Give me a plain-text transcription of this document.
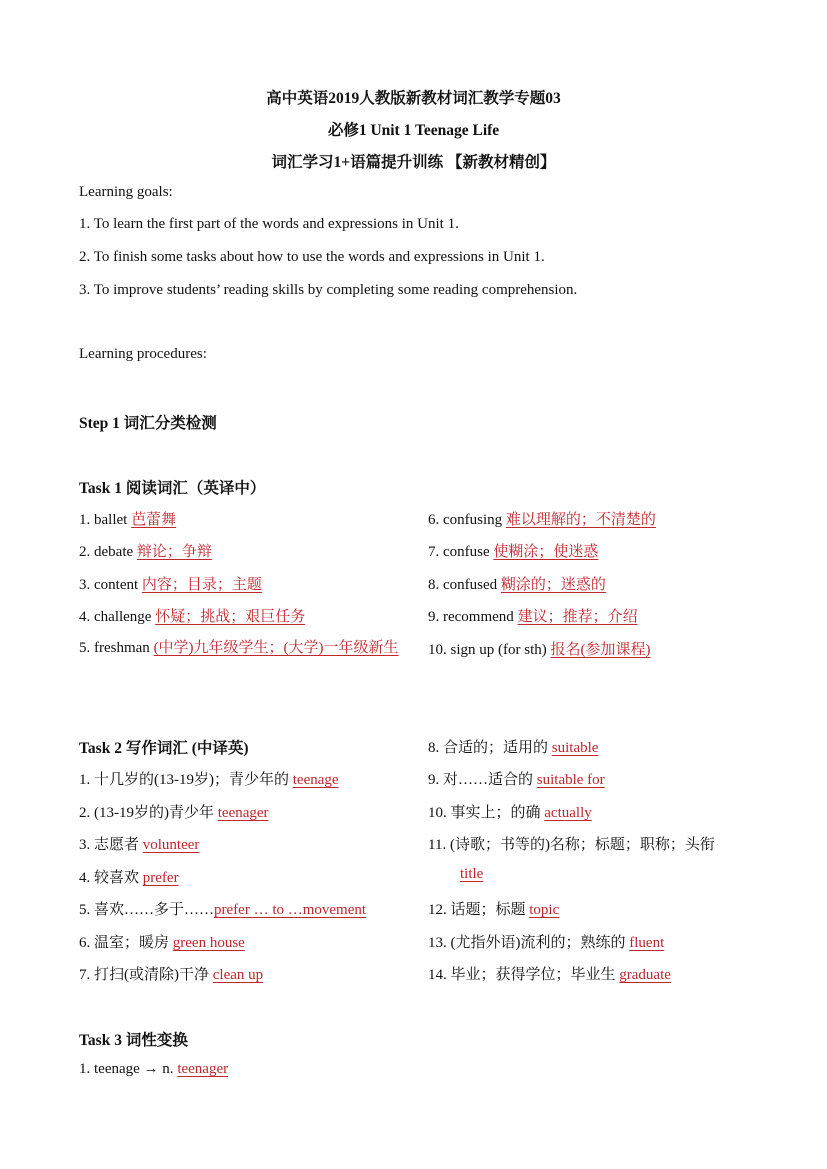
高中英语2019人教版新教材词汇教学专题03
必修1 Unit 1 Teenage Life
词汇学习1+语篇提升训练 【新教材精创】
Learning goals:
1. To learn the first part of the words and expressions in Unit 1.
2. To finish some tasks about how to use the words and expressions in Unit 1.
3. To improve students’ reading skills by completing some reading comprehension.
Learning procedures:
Step 1 词汇分类检测
Task 1 阅读词汇（英译中）
1. ballet 芭蕾舞
2. debate 辩论；争辩
3. content 内容；目录；主题
4. challenge 怀疑；挑战；艰巨任务
5. freshman (中学)九年级学生；(大学)一年级新生
6. confusing 难以理解的；不清楚的
7. confuse 使糊涂；使迷惑
8. confused 糊涂的；迷惑的
9. recommend 建议；推荐；介绍
10. sign up (for sth) 报名(参加课程)
Task 2 写作词汇 (中译英)
1. 十几岁的(13-19岁)；青少年的 teenage
2. (13-19岁的)青少年 teenager
3. 志愿者 volunteer
4. 较喜欢 prefer
5. 喜欢……多于……prefer … to …movement
6. 温室；暖房 green house
7. 打扫(或清除)干净 clean up
8. 合适的；适用的 suitable
9. 对……适合的 suitable for
10. 事实上；的确 actually
11. (诗歌；书等的)名称；标题；职称；头衔
title
12. 话题；标题 topic
13. (尤指外语)流利的；熟练的 fluent
14. 毕业；获得学位；毕业生 graduate
Task 3 词性变换
1. teenage → n. teenager
